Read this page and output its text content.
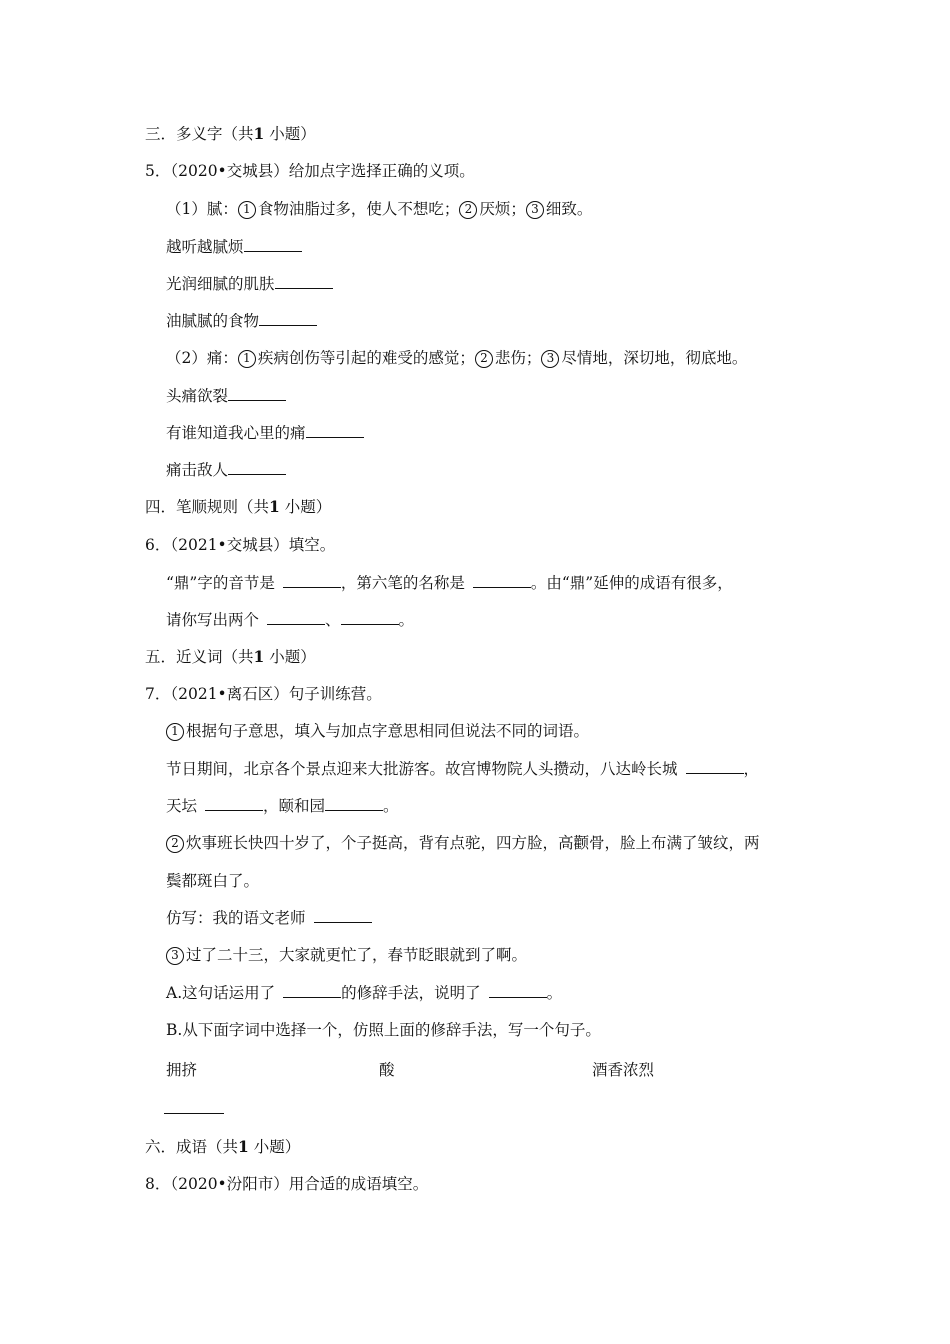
三．多义字（共1 小题）
5．（2020•交城县）给加点字选择正确的义项。
（1）腻： 1 食物油脂过多，使人不想吃； 2 厌烦； 3 细致。
越听越腻烦
光润细腻的肌肤
油腻腻的食物
（2）痛： 1 疾病创伤等引起的难受的感觉； 2 悲伤； 3 尽情地，深切地，彻底地。
头痛欲裂
有谁知道我心里的痛
痛击敌人
四．笔顺规则（共1 小题）
6．（2021•交城县）填空。
“鼎”字的音节是	，第六笔的名称是	。由“鼎”延伸的成语有很多，
请你写出两个	、	。
五．近义词（共1 小题）
7．（2021•离石区）句子训练营。
1 根据句子意思，填入与加点字意思相同但说法不同的词语。
节日期间，北京各个景点迎来大批游客。故宫博物院人头攒动，八达岭长城	，
天坛	，颐和园	。
2 炊事班长快四十岁了，个子挺高，背有点驼，四方脸，高颧骨，脸上布满了皱纹，两
鬓都斑白了。
仿写：我的语文老师
3 过了二十三，大家就更忙了，春节眨眼就到了啊。
A.这句话运用了	的修辞手法，说明了	。
B.从下面字词中选择一个，仿照上面的修辞手法，写一个句子。
拥挤	酸	酒香浓烈
六．成语（共1 小题）
8．（2020•汾阳市）用合适的成语填空。
